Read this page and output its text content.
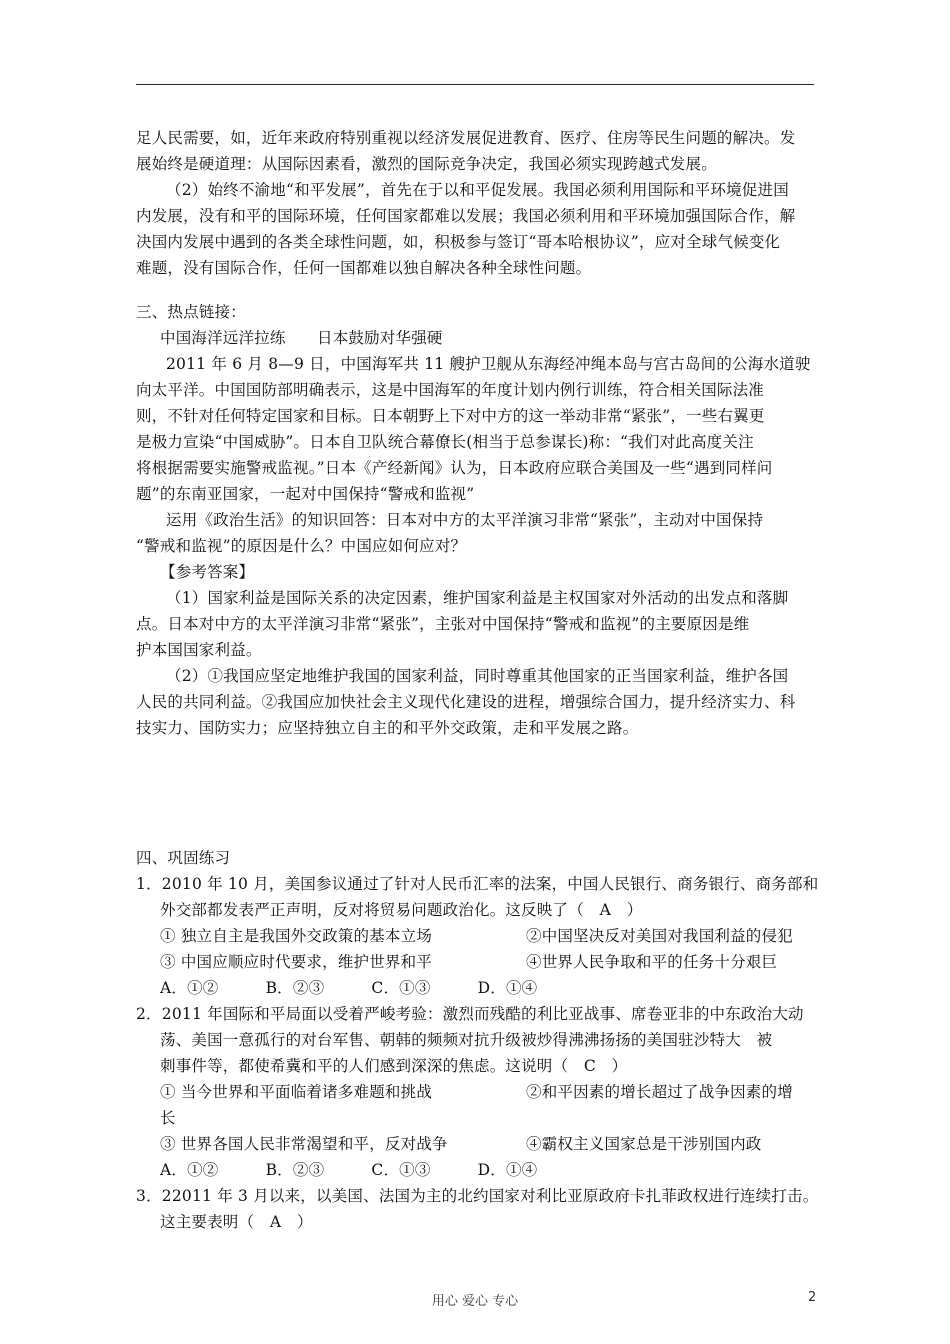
足人民需要，如，近年来政府特别重视以经济发展促进教育、医疗、住房等民生问题的解决。发
展始终是硬道理：从国际因素看，激烈的国际竞争决定，我国必须实现跨越式发展。
（2）始终不渝地“和平发展”，首先在于以和平促发展。我国必须利用国际和平环境促进国
内发展，没有和平的国际环境，任何国家都难以发展；我国必须利用和平环境加强国际合作，解
决国内发展中遇到的各类全球性问题，如，积极参与签订“哥本哈根协议”，应对全球气候变化
难题，没有国际合作，任何一国都难以独自解决各种全球性问题。
三、热点链接：
中国海洋远洋拉练　　日本鼓励对华强硬
2011 年 6 月 8—9 日，中国海军共 11 艘护卫舰从东海经冲绳本岛与宫古岛间的公海水道驶
向太平洋。中国国防部明确表示，这是中国海军的年度计划内例行训练，符合相关国际法准
则，不针对任何特定国家和目标。日本朝野上下对中方的这一举动非常“紧张”，一些右翼更
是极力宣染“中国威胁”。日本自卫队统合幕僚长(相当于总参谋长)称：“我们对此高度关注
将根据需要实施警戒监视。”日本《产经新闻》认为，日本政府应联合美国及一些“遇到同样问
题”的东南亚国家，一起对中国保持“警戒和监视”
运用《政治生活》的知识回答：日本对中方的太平洋演习非常“紧张”，主动对中国保持
“警戒和监视”的原因是什么？中国应如何应对？
【参考答案】
（1）国家利益是国际关系的决定因素，维护国家利益是主权国家对外活动的出发点和落脚
点。日本对中方的太平洋演习非常“紧张”，主张对中国保持“警戒和监视”的主要原因是维
护本国国家利益。
（2）①我国应坚定地维护我国的国家利益，同时尊重其他国家的正当国家利益，维护各国
人民的共同利益。②我国应加快社会主义现代化建设的进程，增强综合国力，提升经济实力、科
技实力、国防实力；应坚持独立自主的和平外交政策，走和平发展之路。
四、巩固练习
1．2010 年 10 月，美国参议通过了针对人民币汇率的法案，中国人民银行、商务银行、商务部和
外交部都发表严正声明，反对将贸易问题政治化。这反映了（　A　）
① 独立自主是我国外交政策的基本立场	②中国坚决反对美国对我国利益的侵犯
③ 中国应顺应时代要求，维护世界和平	④世界人民争取和平的任务十分艰巨
A．①②　　　B．②③　　　C．①③　　　D．①④
2．2011 年国际和平局面以受着严峻考验：激烈而残酷的利比亚战事、席卷亚非的中东政治大动
荡、美国一意孤行的对台军售、朝韩的频频对抗升级被炒得沸沸扬扬的美国驻沙特大　被
刺事件等，都使希冀和平的人们感到深深的焦虑。这说明（　C　）
① 当今世界和平面临着诸多难题和挑战	②和平因素的增长超过了战争因素的增
长
③ 世界各国人民非常渴望和平，反对战争	④霸权主义国家总是干涉别国内政
A．①②　　　B．②③　　　C．①③　　　D．①④
3．22011 年 3 月以来，以美国、法国为主的北约国家对利比亚原政府卡扎菲政权进行连续打击。
这主要表明（　A　）
用心 爱心 专心	2
